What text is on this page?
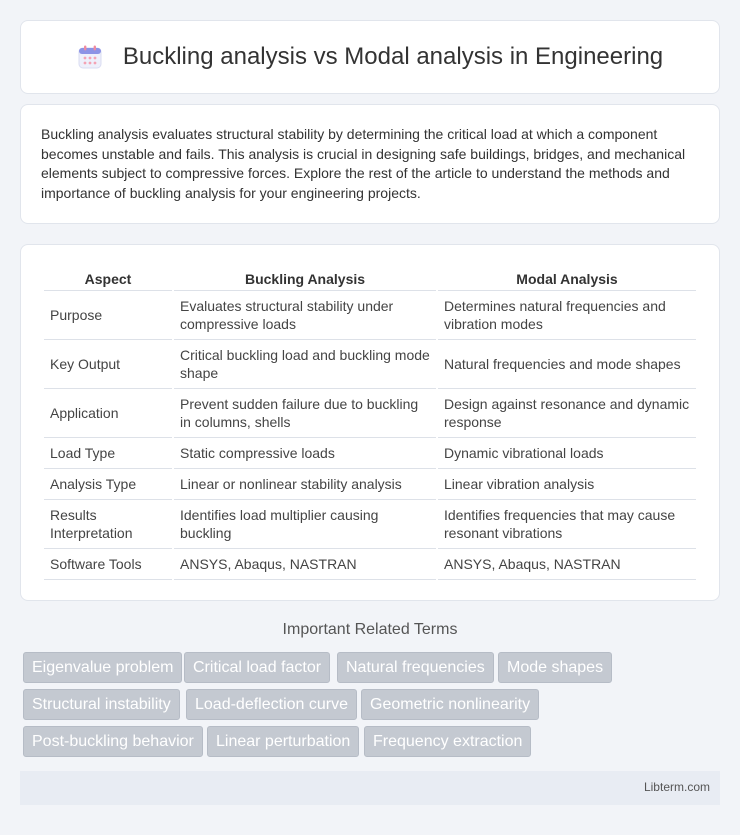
Buckling analysis vs Modal analysis in Engineering

Buckling analysis evaluates structural stability by determining the critical load at which a component becomes unstable and fails. This analysis is crucial in designing safe buildings, bridges, and mechanical elements subject to compressive forces. Explore the rest of the article to understand the methods and importance of buckling analysis for your engineering projects.

Aspect	Buckling Analysis	Modal Analysis
Purpose	Evaluates structural stability under compressive loads	Determines natural frequencies and vibration modes
Key Output	Critical buckling load and buckling mode shape	Natural frequencies and mode shapes
Application	Prevent sudden failure due to buckling in columns, shells	Design against resonance and dynamic response
Load Type	Static compressive loads	Dynamic vibrational loads
Analysis Type	Linear or nonlinear stability analysis	Linear vibration analysis
Results Interpretation	Identifies load multiplier causing buckling	Identifies frequencies that may cause resonant vibrations
Software Tools	ANSYS, Abaqus, NASTRAN	ANSYS, Abaqus, NASTRAN
Important Related Terms
Eigenvalue problem	Critical load factor	Natural frequencies	Mode shapes
Structural instability	Load-deflection curve	Geometric nonlinearity
Post-buckling behavior	Linear perturbation	Frequency extraction
Libterm.com
